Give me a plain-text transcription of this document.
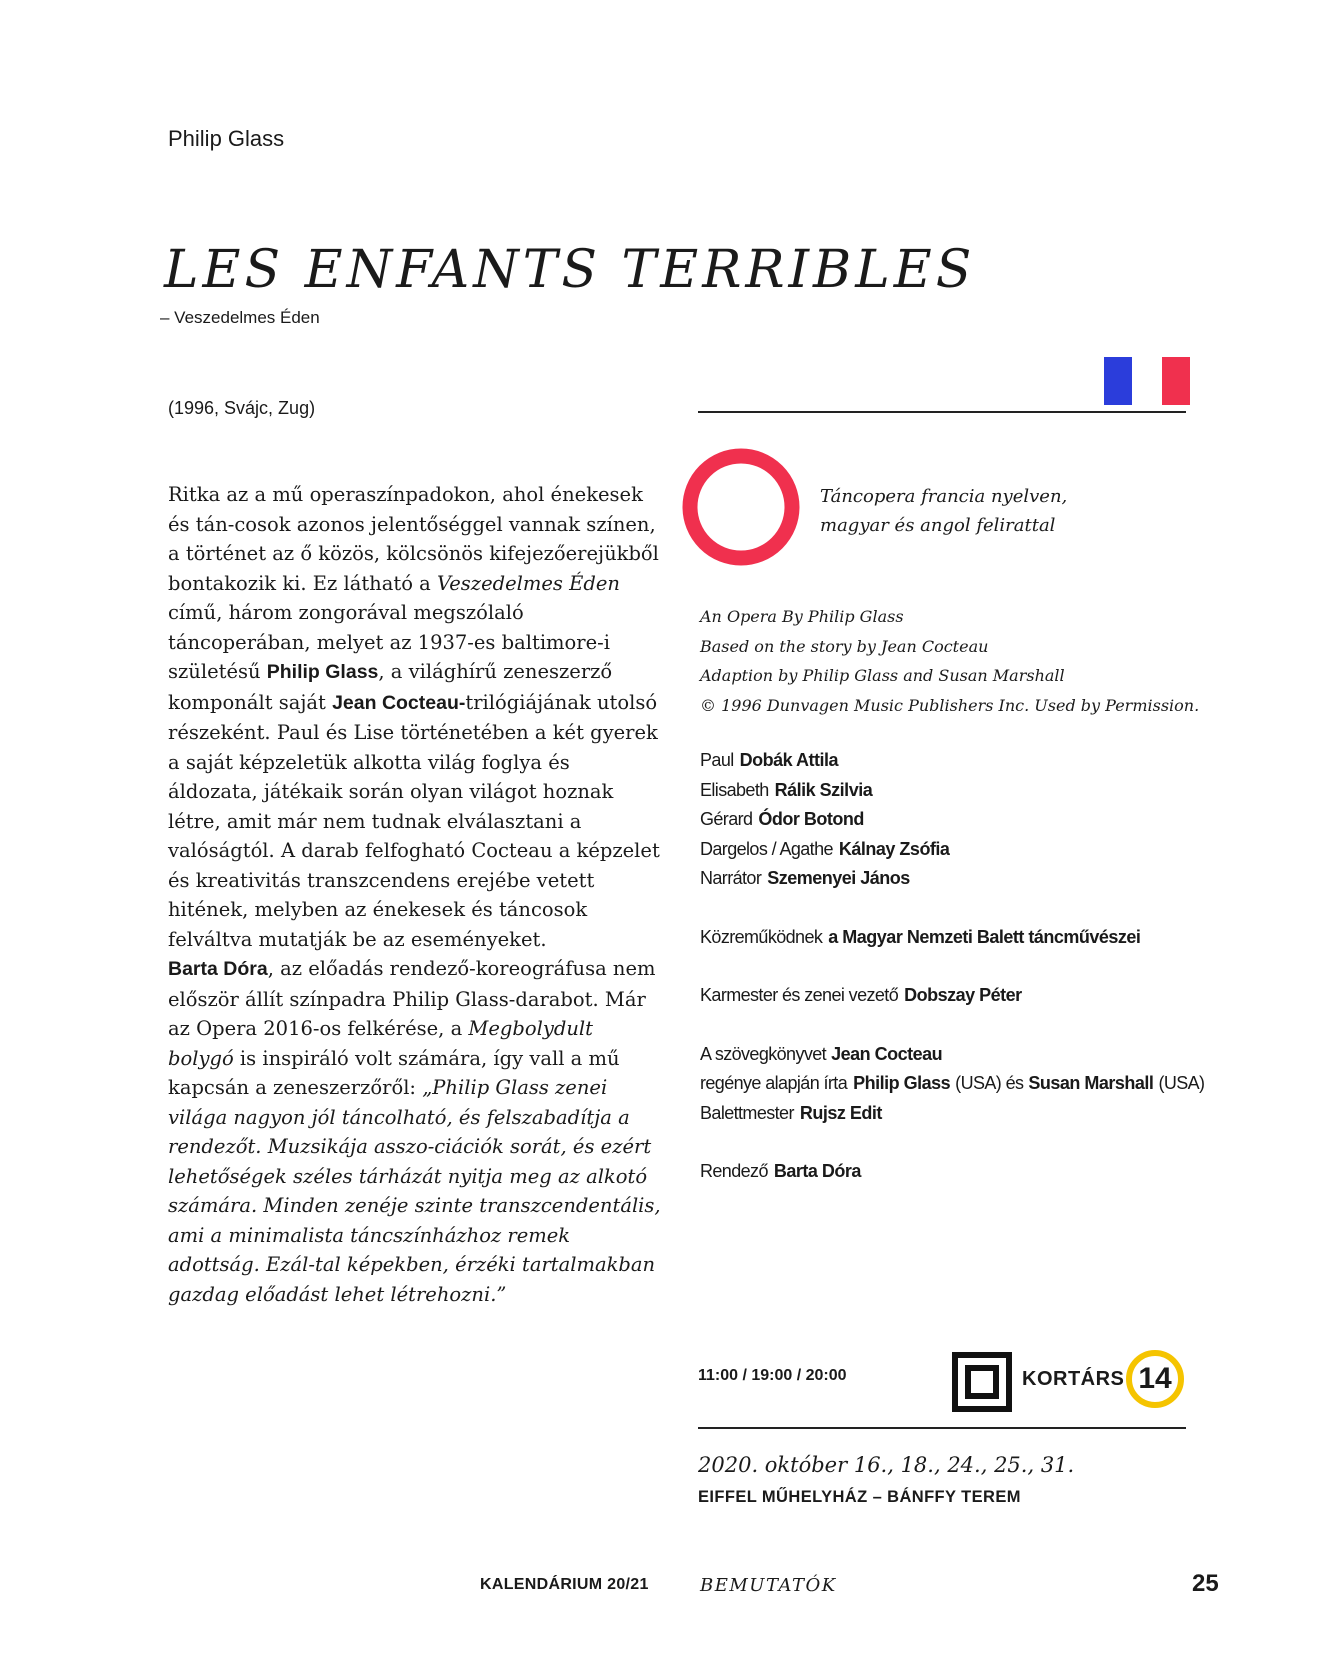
Philip Glass
LES ENFANTS TERRIBLES
– Veszedelmes Éden
(1996, Svájc, Zug)

Ritka az a mű operaszínpadokon, ahol énekesek és tán-cosok azonos jelentőséggel vannak színen, a történet az ő közös, kölcsönös kifejezőerejükből bontakozik ki. Ez látható a Veszedelmes Éden című, három zongorával megszólaló táncoperában, melyet az 1937-es baltimore-i születésű Philip Glass, a világhírű zeneszerző komponált saját Jean Cocteau-trilógiájának utolsó részeként. Paul és Lise történetében a két gyerek a saját képzeletük alkotta világ foglya és áldozata, játékaik során olyan világot hoznak létre, amit már nem tudnak elválasztani a valóságtól. A darab felfogható Cocteau a képzelet és kreativitás transzcendens erejébe vetett hitének, melyben az énekesek és táncosok felváltva mutatják be az eseményeket.

Barta Dóra, az előadás rendező-koreográfusa nem először állít színpadra Philip Glass-darabot. Már az Opera 2016-os felkérése, a Megbolydult bolygó is inspiráló volt számára, így vall a mű kapcsán a zeneszerzőről: „Philip Glass zenei világa nagyon jól táncolható, és felszabadítja a rendezőt. Muzsikája asszo-ciációk sorát, és ezért lehetőségek széles tárházát nyitja meg az alkotó számára. Minden zenéje szinte transzcendentális, ami a minimalista táncszínházhoz remek adottság. Ezál-tal képekben, érzéki tartalmakban gazdag előadást lehet létrehozni.”

Táncopera francia nyelven,
magyar és angol felirattal
An Opera By Philip Glass
Based on the story by Jean Cocteau
Adaption by Philip Glass and Susan Marshall
© 1996 Dunvagen Music Publishers Inc. Used by Permission.
Paul Dobák Attila
Elisabeth Rálik Szilvia
Gérard Ódor Botond
Dargelos / Agathe Kálnay Zsófia
Narrátor Szemenyei János
Közreműködnek a Magyar Nemzeti Balett táncművészei
Karmester és zenei vezető Dobszay Péter
A szövegkönyvet Jean Cocteau
regénye alapján írta Philip Glass (USA) és Susan Marshall (USA)
Balettmester Rujsz Edit
Rendező Barta Dóra
11:00 / 19:00 / 20:00	KORTÁRS 14
2020. október 16., 18., 24., 25., 31.
EIFFEL MŰHELYHÁZ – BÁNFFY TEREM
KALENDÁRIUM 20/21	BEMUTATÓK	25
